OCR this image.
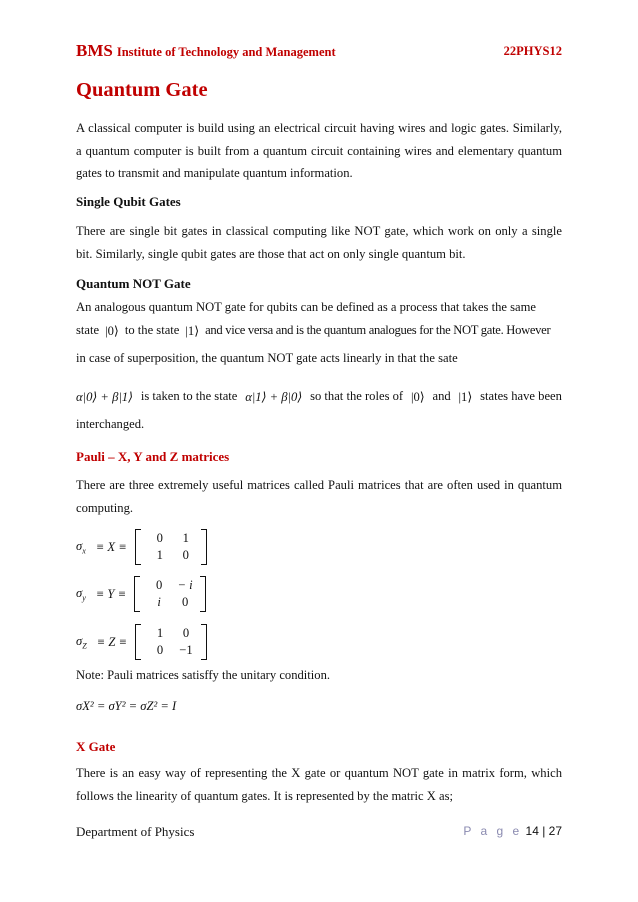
BMS Institute of Technology and Management	22PHYS12
Quantum Gate
A classical computer is build using an electrical circuit having wires and logic gates. Similarly, a quantum computer is built from a quantum circuit containing wires and elementary quantum gates to transmit and manipulate quantum information.
Single Qubit Gates
There are single bit gates in classical computing like NOT gate, which work on only a single bit. Similarly, single qubit gates are those that act on only single quantum bit.
Quantum NOT Gate
An analogous quantum NOT gate for qubits can be defined as a process that takes the same
state |0⟩ to the state |1⟩ and vice versa and is the quantum analogues for the NOT gate. However
in case of superposition, the quantum NOT gate acts linearly in that the sate
α|0⟩ + β|1⟩ is taken to the state α|1⟩ + β|0⟩ so that the roles of |0⟩ and |1⟩ states have been
interchanged.
Pauli – X, Y and Z matrices
There are three extremely useful matrices called Pauli matrices that are often used in quantum computing.
$\sigma_x \equiv X$ ≡
0	1
1	0
$\sigma_y \equiv Y$ ≡
0	− i
i	0
$\sigma_Z \equiv Z$ ≡
1	0
0	−1
Note: Pauli matrices satisffy the unitary condition.
σX² = σY² = σZ² = I
X Gate
There is an easy way of representing the X gate or quantum NOT gate in matrix form, which follows the linearity of quantum gates. It is represented by the matric X as;
Department of Physics	P a g e 14 | 27
